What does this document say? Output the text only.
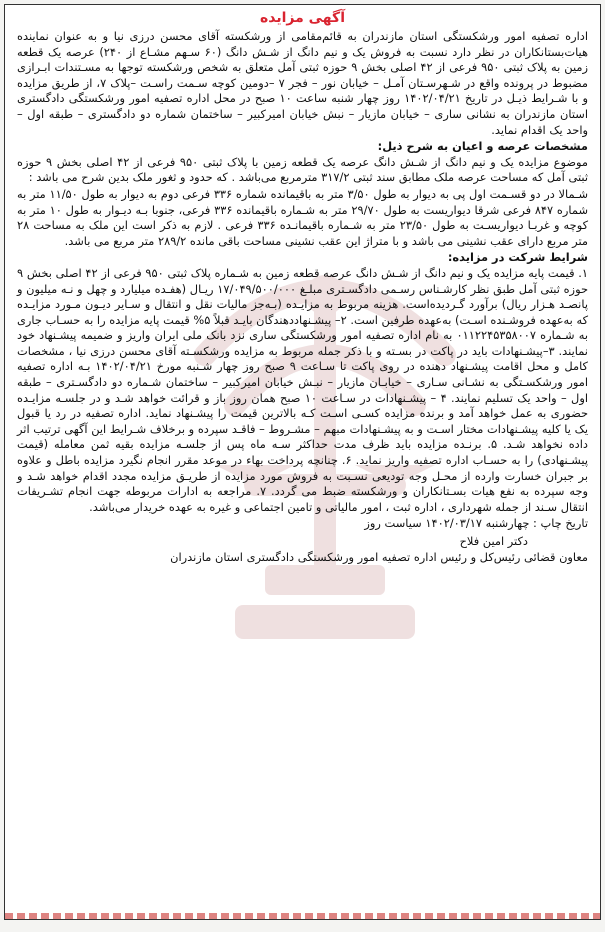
آگهی مزایده

اداره تصفیه امور ورشکستگی استان مازندران به قائم‌مقامی از ورشکسته آقای محسن درزی نیا و به عنوان نماینده هیات‌بستانکاران در نظر دارد نسبت به فروش یک و نیم دانگ از شـش دانگ (۶۰ سـهم مشـاع از ۲۴۰) عرصه یک قطعه زمین به پلاک ثبتی ۹۵۰ فرعی از ۴۲ اصلی بخش ۹ حوزه ثبتی آمل متعلق به شخص ورشکسته توجها به مسـتندات ابـرازی مضبوط در پرونده واقع در شـهرسـتان آمـل – خیابان نور – فجر ۷ –دومین کوچه سـمت راسـت –پلاک ۷، از طریق مزایده و با شـرایط ذیـل در تاریخ ۱۴۰۲/۰۴/۲۱ روز چهار شنبه ساعت ۱۰ صبح در محل اداره تصفیه امور ورشکستگی دادگستری استان مازندران به نشانی ساری – خیابان مازیار – نبش خیابان امیرکبیر – ساختمان شماره دو دادگستری – طبقه اول – واحد یک اقدام نماید.

مشخصات عرصه و اعیان به شرح ذیل:

موضوع مزایده یک و نیم دانگ از شـش دانگ عرصه یک قطعه زمین با پلاک ثبتی ۹۵۰ فرعی از ۴۲ اصلی بخش ۹ حوزه ثبتی آمل که مساحت عرصه ملک مطابق سند ثبتی ۳۱۷/۲ مترمربع می‌باشد . که حدود و ثغور ملک بدین شرح می باشد :

شـمالا در دو قسـمت اول پی به دیوار به طول ۳/۵۰ متر به باقیمانده شماره ۳۳۶ فرعی دوم به دیوار به طول ۱۱/۵۰ متر به شماره ۸۴۷ فرعی شرقا دیواریست به طول ۲۹/۷۰ متر به شـماره باقیمانده ۳۳۶ فرعی، جنوبا بـه دیـوار به طول ۱۰ متر به کوچه و غربـا دیواریسـت به طول ۲۳/۵۰ متر به شـماره باقیمانـده ۳۳۶ فرعی . لازم به ذکر است این ملک به مساحت ۲۸ متر مربع دارای عقب نشینی می باشد و با متراژ این عقب نشینی مساحت باقی مانده ۲۸۹/۲ متر مربع می باشد.

شرایط شرکت در مزایده:

۱. قیمت پایه مزایده یک و نیم دانگ از شـش دانگ عرصه قطعه زمین به شـماره پلاک ثبتی ۹۵۰ فرعی از ۴۲ اصلی بخش ۹ حوزه ثبتی آمل طبق نظر کارشـناس رسـمی دادگسـتری مبلـغ ۱۷/۰۴۹/۵۰۰/۰۰۰ ریـال (هفـده میلیارد و چهل و نـه میلیون و پانصـد هـزار ریال) برآورد گـردیده‌است. هزینه مربوط به مزایـده (بـه‌جز مالیات نقل و انتقال و سـایر دیـون مـورد مزایـده که به‌عهده فروشـنده اسـت) به‌عهده طرفین است. ۲– پیشـنهاددهندگان بایـد قبلاً ۵% قیمت پایه مزایده را به حسـاب جاری به شـماره ۰۱۱۲۲۴۵۳۵۸۰۰۷ به نام اداره تصفیه امور ورشکستگی ساری نزد بانک ملی ایران واریز و ضمیمه پیشـنهاد خود نمایند. ۳–پیشـنهادات باید در پاکت در بسـته و با ذکر جمله مربوط به مزایده ورشکسـته آقای محسن درزی نیا ، مشخصات کامل و محل اقامت پیشـنهاد دهنده در روی پاکت تا سـاعت ۹ صبح روز چهار شـنبه مورخ ۱۴۰۲/۰۴/۲۱ بـه اداره تصفیه امور ورشکسـتگی به نشـانی سـاری – خیابـان مازیار – نبـش خیابان امیرکبیر – ساختمان شـماره دو دادگسـتری – طبقه اول – واحد یک تسلیم نمایند. ۴ – پیشـنهادات در سـاعت ۱۰ صبح همان روز باز و قرائت خواهد شـد و در جلسـه مزایـده حضوری به عمل خواهد آمد و برنده مزایده کسـی اسـت کـه بالاترین قیمت را پیشـنهاد نماید. اداره تصفیه در رد یا قبول یک یا کلیه پیشـنهادات مختار اسـت و به پیشـنهادات مبهم – مشـروط – فاقـد سپرده و برخلاف شـرایط این آگهی ترتیب اثر داده نخواهد شـد. ۵. برنـده مزایده باید ظرف مدت حداکثر سـه ماه پس از جلسـه مزایده بقیه ثمن معامله (قیمت پیشـنهادی) را به حسـاب اداره تصفیه واریز نماید. ۶. چنانچه پرداخت بهاء در موعد مقرر انجام نگیرد مزایده باطل و علاوه بر جبران خسارت وارده از محـل وجه تودیعی نسـبت به فروش مورد مزایده از طریـق مزایده مجدد اقدام خواهد شـد و وجه سپرده به نفع هیات بسـتانکاران و ورشکسته ضبط می گردد. ۷. مراجعه به ادارات مربوطه جهت انجام تشـریفات انتقال سـند از جمله شهرداری ، اداره ثبت ، امور مالیاتی و تامین اجتماعی و غیره به عهده خریدار می‌باشد.

تاریخ چاپ : چهارشنبه ۱۴۰۲/۰۳/۱۷ سیاست روز

دکتر امین فلاح
معاون قضائی رئیس‌کل و رئیس اداره تصفیه امور ورشکستگی دادگستری استان مازندران
